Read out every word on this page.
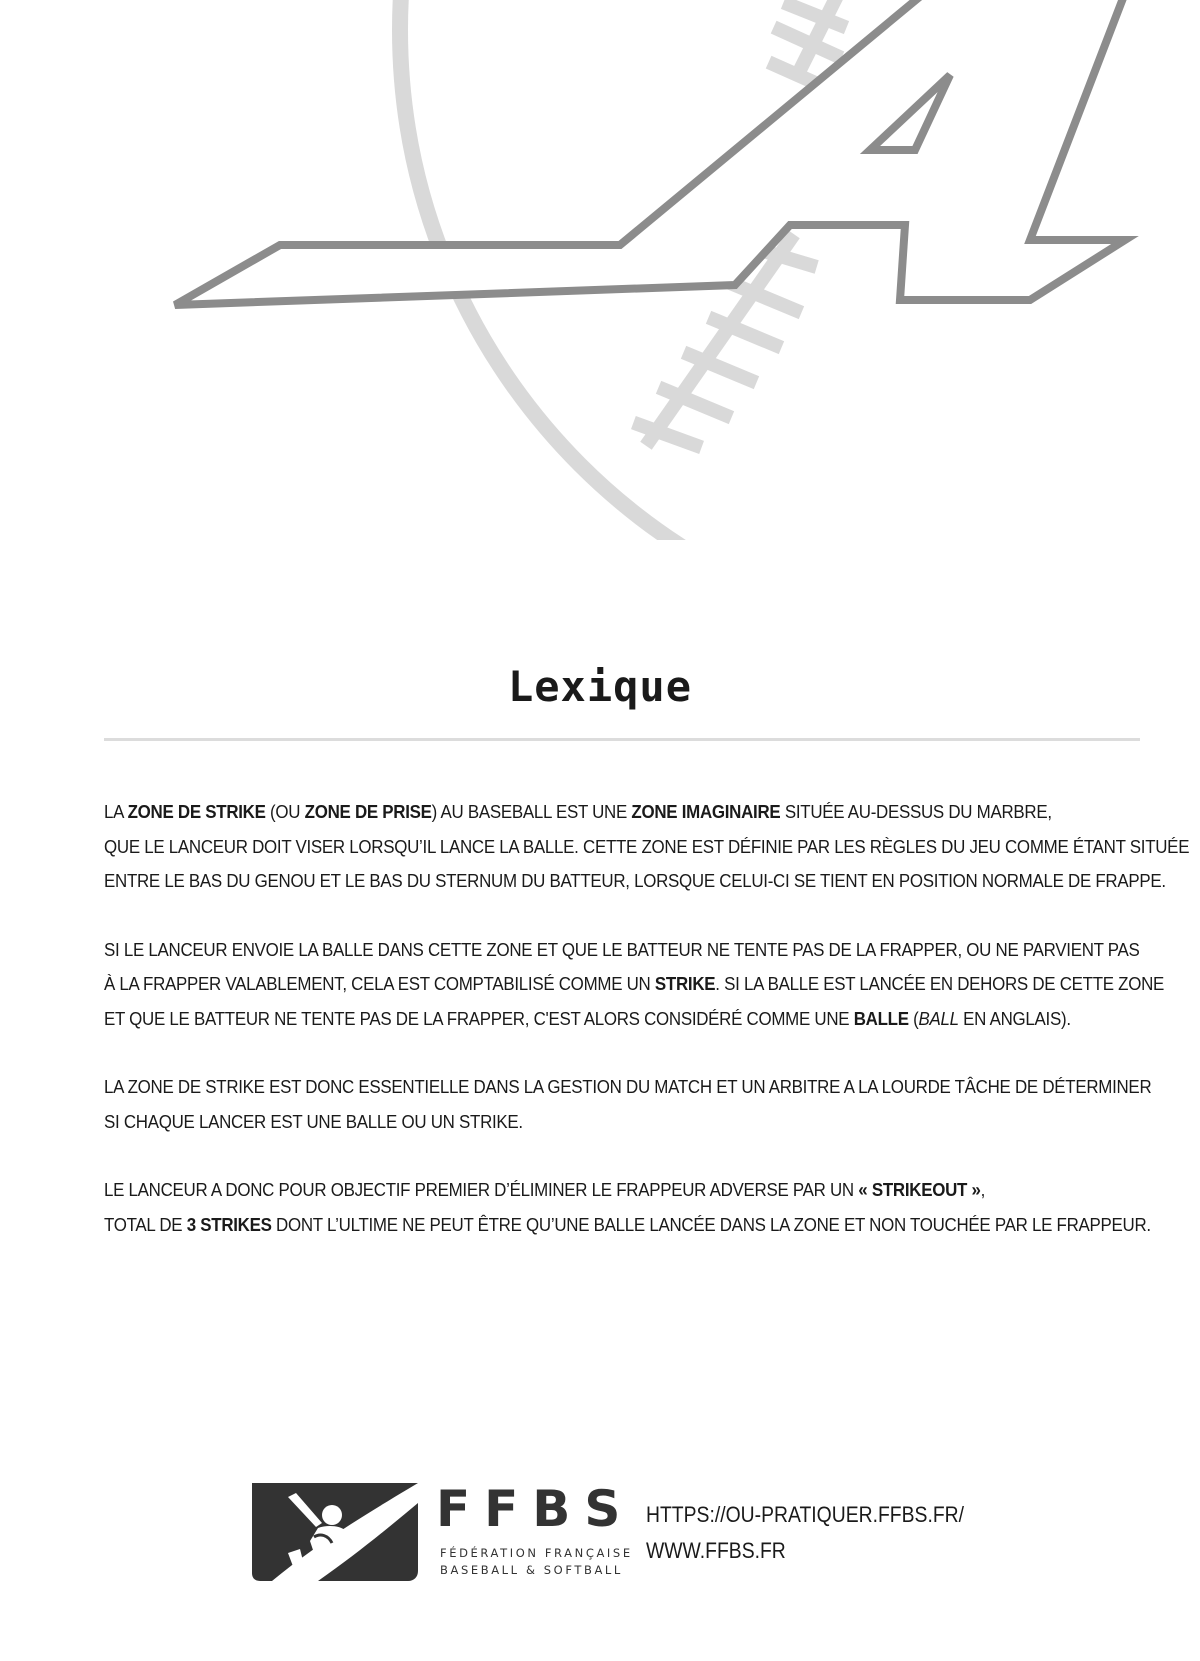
Lexique

LA ZONE DE STRIKE (OU ZONE DE PRISE) AU BASEBALL EST UNE ZONE IMAGINAIRE SITUÉE AU-DESSUS DU MARBRE,
QUE LE LANCEUR DOIT VISER LORSQU’IL LANCE LA BALLE. CETTE ZONE EST DÉFINIE PAR LES RÈGLES DU JEU COMME ÉTANT SITUÉE
ENTRE LE BAS DU GENOU ET LE BAS DU STERNUM DU BATTEUR, LORSQUE CELUI-CI SE TIENT EN POSITION NORMALE DE FRAPPE.

SI LE LANCEUR ENVOIE LA BALLE DANS CETTE ZONE ET QUE LE BATTEUR NE TENTE PAS DE LA FRAPPER, OU NE PARVIENT PAS
À LA FRAPPER VALABLEMENT, CELA EST COMPTABILISÉ COMME UN STRIKE. SI LA BALLE EST LANCÉE EN DEHORS DE CETTE ZONE
ET QUE LE BATTEUR NE TENTE PAS DE LA FRAPPER, C'EST ALORS CONSIDÉRÉ COMME UNE BALLE (BALL EN ANGLAIS).

LA ZONE DE STRIKE EST DONC ESSENTIELLE DANS LA GESTION DU MATCH ET UN ARBITRE A LA LOURDE TÂCHE DE DÉTERMINER
SI CHAQUE LANCER EST UNE BALLE OU UN STRIKE.

LE LANCEUR A DONC POUR OBJECTIF PREMIER D’ÉLIMINER LE FRAPPEUR ADVERSE PAR UN « STRIKEOUT »,
TOTAL DE 3 STRIKES DONT L’ULTIME NE PEUT ÊTRE QU’UNE BALLE LANCÉE DANS LA ZONE ET NON TOUCHÉE PAR LE FRAPPEUR.

FFBS
FÉDÉRATION FRANÇAISE
BASEBALL & SOFTBALL
HTTPS://OU-PRATIQUER.FFBS.FR/
WWW.FFBS.FR
